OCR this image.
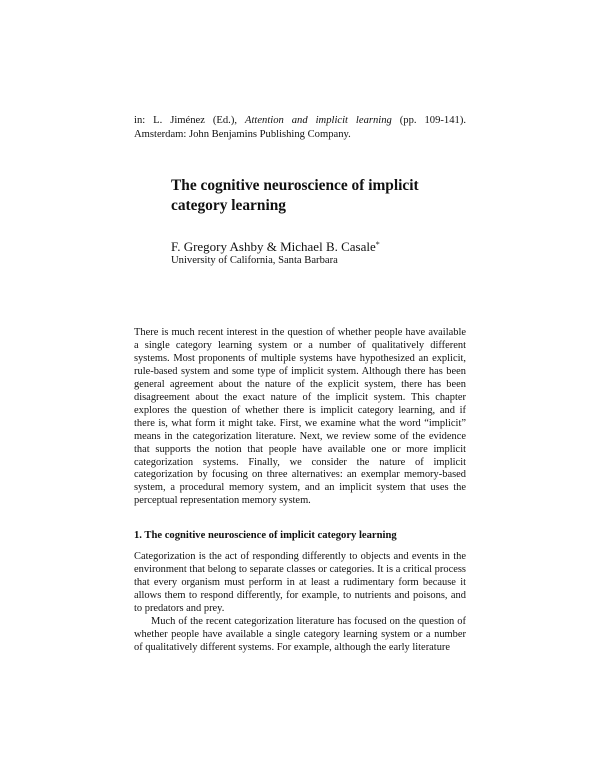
in: L. Jiménez (Ed.), Attention and implicit learning (pp. 109-141).
Amsterdam: John Benjamins Publishing Company.
The cognitive neuroscience of implicit category learning

F. Gregory Ashby & Michael B. Casale*

University of California, Santa Barbara

There is much recent interest in the question of whether people have available a single category learning system or a number of qualitatively different systems. Most proponents of multiple systems have hypothesized an explicit, rule-based system and some type of implicit system. Although there has been general agreement about the nature of the explicit system, there has been disagreement about the exact nature of the implicit system. This chapter explores the question of whether there is implicit category learning, and if there is, what form it might take. First, we examine what the word “implicit” means in the categorization literature. Next, we review some of the evidence that supports the notion that people have available one or more implicit categorization systems. Finally, we consider the nature of implicit categorization by focusing on three alternatives: an exemplar memory-based system, a procedural memory system, and an implicit system that uses the perceptual representation memory system.

1. The cognitive neuroscience of implicit category learning

Categorization is the act of responding differently to objects and events in the environment that belong to separate classes or categories. It is a critical process that every organism must perform in at least a rudimentary form because it allows them to respond differently, for example, to nutrients and poisons, and to predators and prey.

Much of the recent categorization literature has focused on the question of whether people have available a single category learning system or a number of qualitatively different systems. For example, although the early literature
